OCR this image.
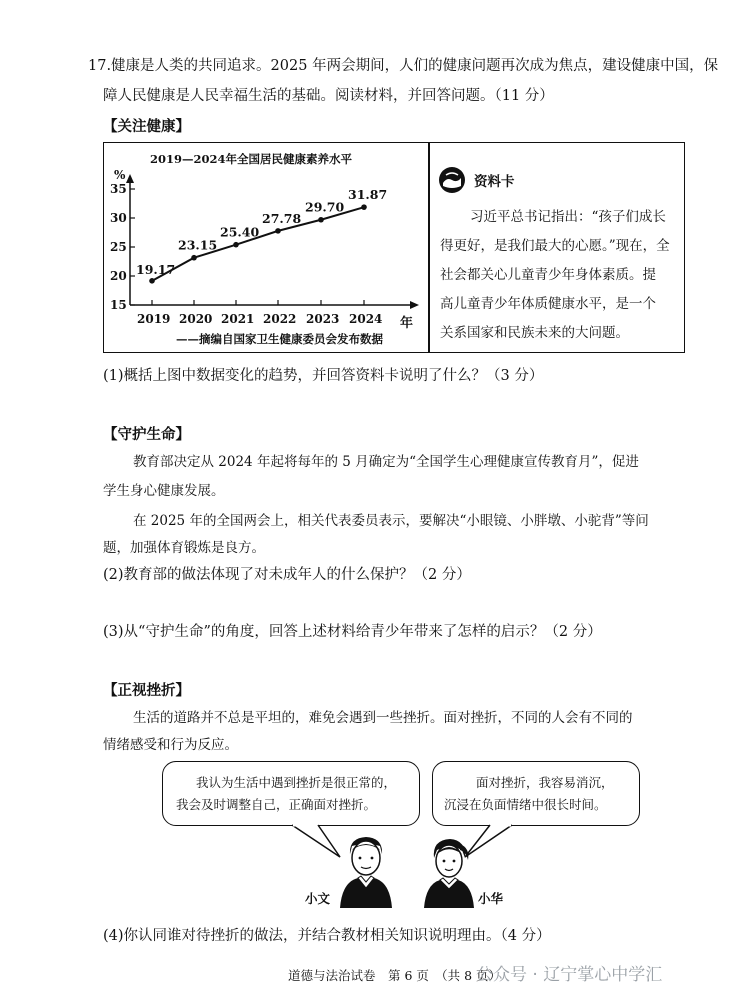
17.健康是人类的共同追求。2025 年两会期间，人们的健康问题再次成为焦点，建设健康中国，保
障人民健康是人民幸福生活的基础。阅读材料，并回答问题。（11 分）
【关注健康】
2019—2024年全国居民健康素养水平
%
年
15
20
25
30
35
19.17
2019
23.15
2020
25.40
2021
27.78
2022
29.70
2023
31.87
2024
——摘编自国家卫生健康委员会发布数据
资料卡
习近平总书记指出：“孩子们成长
得更好，是我们最大的心愿。”现在，全
社会都关心儿童青少年身体素质。提
高儿童青少年体质健康水平，是一个
关系国家和民族未来的大问题。
(1)概括上图中数据变化的趋势，并回答资料卡说明了什么？（3 分）
【守护生命】
教育部决定从 2024 年起将每年的 5 月确定为“全国学生心理健康宣传教育月”，促进
学生身心健康发展。
在 2025 年的全国两会上，相关代表委员表示，要解决“小眼镜、小胖墩、小驼背”等问
题，加强体育锻炼是良方。
(2)教育部的做法体现了对未成年人的什么保护？（2 分）
(3)从“守护生命”的角度，回答上述材料给青少年带来了怎样的启示？（2 分）
【正视挫折】
生活的道路并不总是平坦的，难免会遇到一些挫折。面对挫折，不同的人会有不同的
情绪感受和行为反应。
我认为生活中遇到挫折是很正常的，
我会及时调整自己，正确面对挫折。
面对挫折，我容易消沉，
沉浸在负面情绪中很长时间。
小文	小华
(4)你认同谁对待挫折的做法，并结合教材相关知识说明理由。（4 分）
道德与法治试卷　第 6 页　（共 8 页）
公众号 · 辽宁掌心中学汇
